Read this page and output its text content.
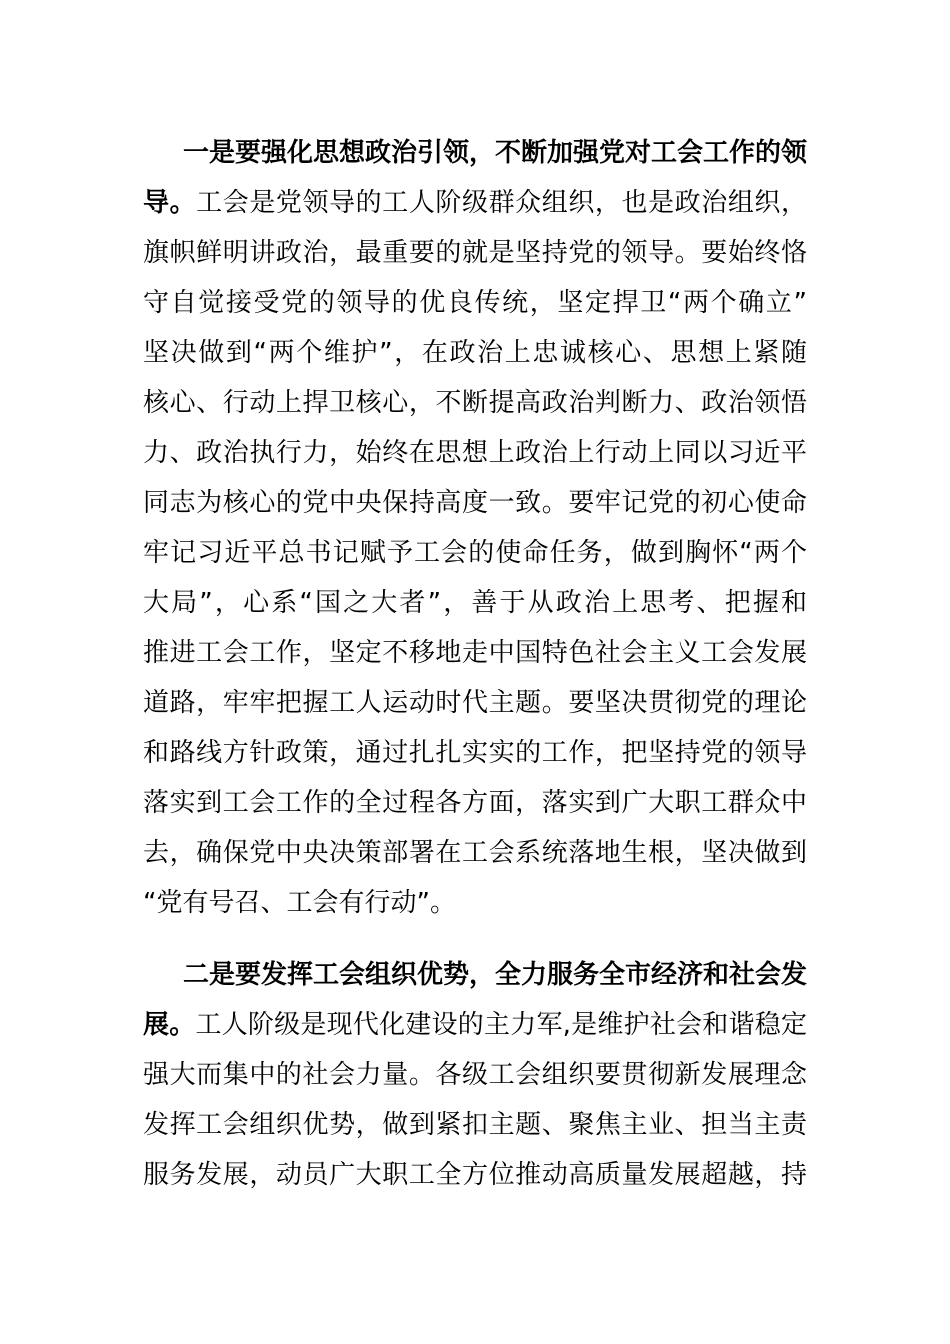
一是要强化思想政治引领，不断加强党对工会工作的领
导。工会是党领导的工人阶级群众组织，也是政治组织，
旗帜鲜明讲政治，最重要的就是坚持党的领导。要始终恪
守自觉接受党的领导的优良传统，坚定捍卫“两个确立”
坚决做到“两个维护”，在政治上忠诚核心、思想上紧随
核心、行动上捍卫核心，不断提高政治判断力、政治领悟
力、政治执行力，始终在思想上政治上行动上同以习近平
同志为核心的党中央保持高度一致。要牢记党的初心使命
牢记习近平总书记赋予工会的使命任务，做到胸怀“两个
大局”，心系“国之大者”，善于从政治上思考、把握和
推进工会工作，坚定不移地走中国特色社会主义工会发展
道路，牢牢把握工人运动时代主题。要坚决贯彻党的理论
和路线方针政策，通过扎扎实实的工作，把坚持党的领导
落实到工会工作的全过程各方面，落实到广大职工群众中
去，确保党中央决策部署在工会系统落地生根，坚决做到
“党有号召、工会有行动”。
二是要发挥工会组织优势，全力服务全市经济和社会发
展。工人阶级是现代化建设的主力军,是维护社会和谐稳定
强大而集中的社会力量。各级工会组织要贯彻新发展理念
发挥工会组织优势，做到紧扣主题、聚焦主业、担当主责
服务发展，动员广大职工全方位推动高质量发展超越，持
